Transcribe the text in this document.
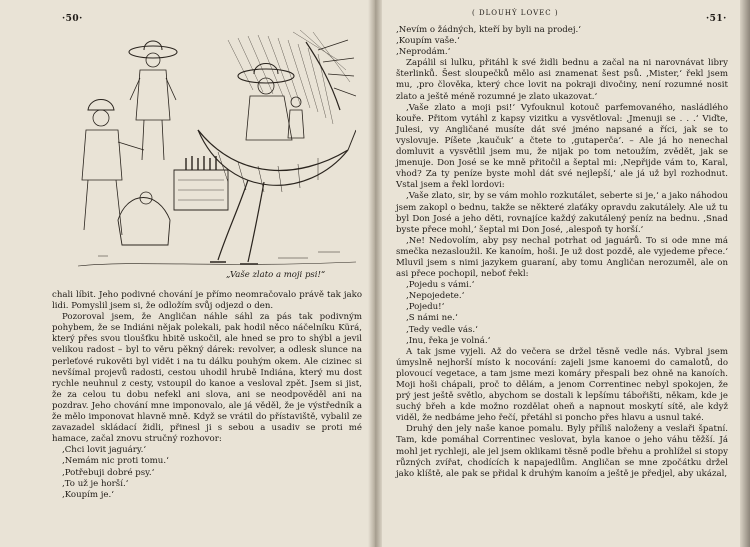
·50·
„Vaše zlato a moji psi!“

chali líbit. Jeho podivné chování je přímo neomračovalo právě tak jako lidi. Pomyslil jsem si, že odložím svůj odjezd o den.

Pozoroval jsem, že Angličan náhle sáhl za pás tak podivným pohybem, že se Indiáni nějak polekali, pak hodil něco náčelníku Kürá, který přes svou tloušťku hbitě uskočil, ale hned se pro to shýbl a jevil velikou radost – byl to věru pěkný dárek: revolver, a odlesk slunce na perleťové rukověti byl vidět i na tu dálku pouhým okem. Ale cizinec si nevšímal projevů radosti, cestou uhodil hrubě Indiána, který mu dost rychle neuhnul z cesty, vstoupil do kanoe a vesloval zpět. Jsem si jist, že za celou tu dobu nefekl ani slova, ani se neodpověděl ani na pozdrav. Jeho chování mne imponovalo, ale já věděl, že je výstředník a že mělo imponovat hlavně mně. Když se vrátil do přístaviště, vybalil ze zavazadel skládací židli, přinesl ji s sebou a usadiv se proti mé hamace, začal znovu stručný rozhovor:

‚Chci lovit jaguáry.‘

‚Nemám nic proti tomu.‘

‚Potřebuji dobré psy.‘

‚To už je horší.‘

‚Koupím je.‘

( DLOUHÝ LOVEC )
·51·

‚Nevím o žádných, kteří by byli na prodej.‘

‚Koupím vaše.‘

‚Neprodám.‘

Zapálil si lulku, přitáhl k své židli bednu a začal na ni narovnávat libry šterlinků. Šest sloupečků mělo asi znamenat šest psů. ‚Mister,‘ řekl jsem mu, ‚pro člověka, který chce lovit na pokraji divočiny, není rozumné nosit zlato a ještě méně rozumné je zlato ukazovat.‘

‚Vaše zlato a moji psi!‘ Vyfouknul kotouč parfemovaného, nasládlého kouře. Přitom vytáhl z kapsy vizitku a vysvětloval: ‚Jmenuji se . . .‘ Viďte, Julesi, vy Angličané musíte dát své jméno napsané a říci, jak se to vyslovuje. Píšete ‚kaučuk‘ a čtete to ‚gutaperča‘. – Ale já ho nenechal domluvit a vysvětlil jsem mu, že nijak po tom netoužím, zvědět, jak se jmenuje. Don José se ke mně přitočil a šeptal mi: ‚Nepřijde vám to, Karal, vhod? Za ty peníze byste mohl dát své nejlepší,‘ ale já už byl rozhodnut. Vstal jsem a řekl lordovi:

‚Vaše zlato, sir, by se vám mohlo rozkutálet, seberte si je,‘ a jako náhodou jsem zakopl o bednu, takže se některé zlaťáky opravdu zakutálely. Ale už tu byl Don José a jeho děti, rovnajíce každý zakutálený peníz na bednu. ‚Snad byste přece mohl,‘ šeptal mi Don José, ‚alespoň ty horší.‘

‚Ne! Nedovolím, aby psy nechal potrhat od jaguárů. To si ode mne má smečka nezasloužil. Ke kanoím, hoši. Je už dost pozdě, ale vyjedeme přece.‘ Mluvil jsem s nimi jazykem guaraní, aby tomu Angličan nerozuměl, ale on asi přece pochopil, neboť řekl:

‚Pojedu s vámi.‘

‚Nepojedete.‘

‚Pojedu!‘

‚S námi ne.‘

‚Tedy vedle vás.‘

‚Inu, řeka je volná.‘

A tak jsme vyjeli. Až do večera se držel těsně vedle nás. Vybral jsem úmyslně nejhorší místo k nocování: zajeli jsme kanoemi do camalotů, do plovoucí vegetace, a tam jsme mezi komáry přespali bez ohně na kanoích. Moji hoši chápali, proč to dělám, a jenom Correntinec nebyl spokojen, že prý jest ještě světlo, abychom se dostali k lepšímu tábořišti, někam, kde je suchý břeh a kde možno rozdělat oheň a napnout moskytí sítě, ale když viděl, že nedbáme jeho řečí, přetáhl si poncho přes hlavu a usnul také.

Druhý den jely naše kanoe pomalu. Byly příliš naloženy a veslaři špatní. Tam, kde pomáhal Correntinec veslovat, byla kanoe o jeho váhu těžší. Já mohl jet rychleji, ale jel jsem oklikami těsně podle břehu a prohlížel si stopy různých zvířat, chodících k napajedlům. Angličan se mne zpočátku držel jako klíště, ale pak se přidal k druhým kanoím a ještě je předjel, aby ukázal,
